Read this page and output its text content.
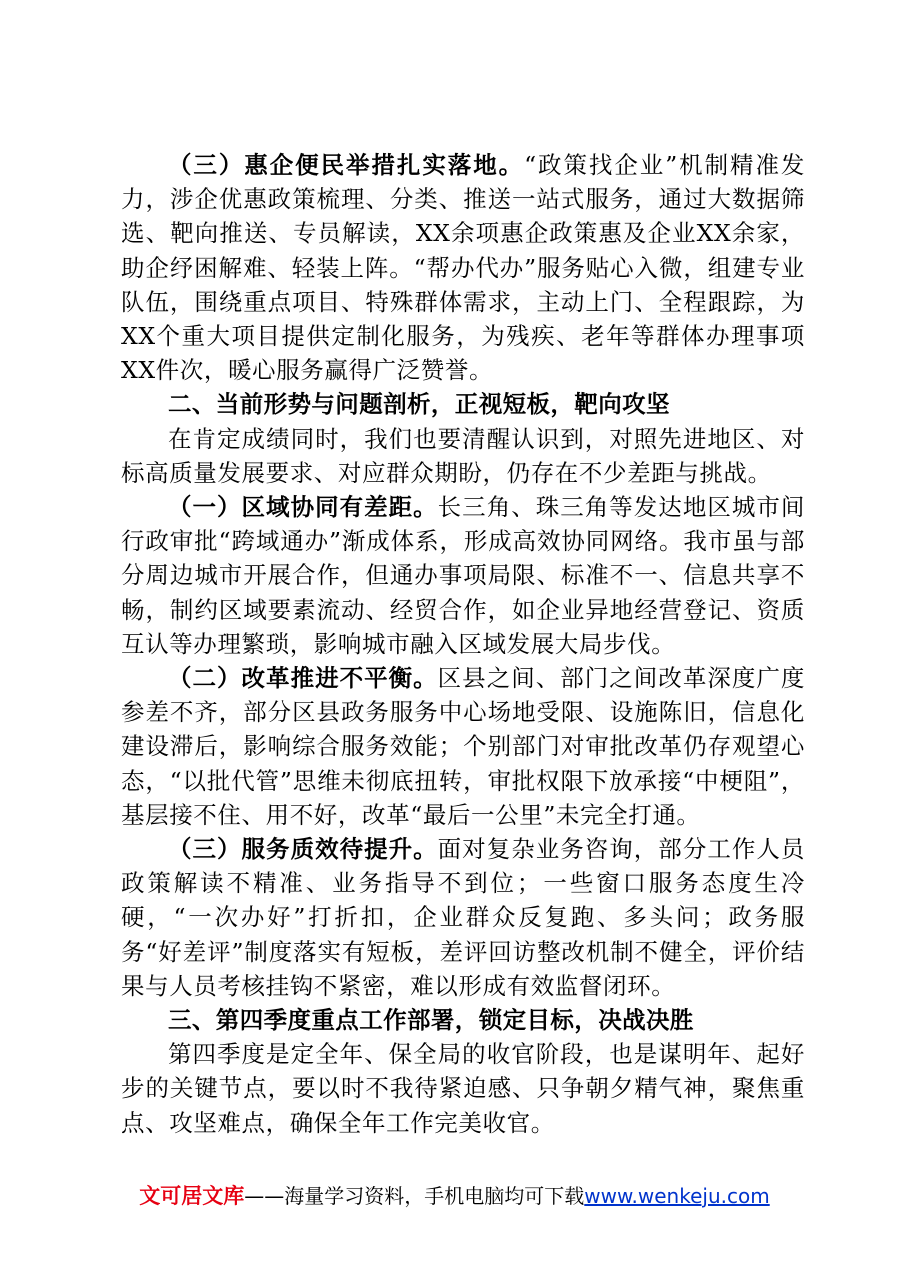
（三）惠企便民举措扎实落地。“政策找企业”机制精准发力，涉企优惠政策梳理、分类、推送一站式服务，通过大数据筛选、靶向推送、专员解读，XX余项惠企政策惠及企业XX余家，助企纾困解难、轻装上阵。“帮办代办”服务贴心入微，组建专业队伍，围绕重点项目、特殊群体需求，主动上门、全程跟踪，为XX个重大项目提供定制化服务，为残疾、老年等群体办理事项XX件次，暖心服务赢得广泛赞誉。

二、当前形势与问题剖析，正视短板，靶向攻坚

在肯定成绩同时，我们也要清醒认识到，对照先进地区、对标高质量发展要求、对应群众期盼，仍存在不少差距与挑战。

（一）区域协同有差距。长三角、珠三角等发达地区城市间行政审批“跨域通办”渐成体系，形成高效协同网络。我市虽与部分周边城市开展合作，但通办事项局限、标准不一、信息共享不畅，制约区域要素流动、经贸合作，如企业异地经营登记、资质互认等办理繁琐，影响城市融入区域发展大局步伐。

（二）改革推进不平衡。区县之间、部门之间改革深度广度参差不齐，部分区县政务服务中心场地受限、设施陈旧，信息化建设滞后，影响综合服务效能；个别部门对审批改革仍存观望心态，“以批代管”思维未彻底扭转，审批权限下放承接“中梗阻”，基层接不住、用不好，改革“最后一公里”未完全打通。

（三）服务质效待提升。面对复杂业务咨询，部分工作人员政策解读不精准、业务指导不到位；一些窗口服务态度生冷硬，“一次办好”打折扣，企业群众反复跑、多头问；政务服务“好差评”制度落实有短板，差评回访整改机制不健全，评价结果与人员考核挂钩不紧密，难以形成有效监督闭环。

三、第四季度重点工作部署，锁定目标，决战决胜

第四季度是定全年、保全局的收官阶段，也是谋明年、起好步的关键节点，要以时不我待紧迫感、只争朝夕精气神，聚焦重点、攻坚难点，确保全年工作完美收官。

文可居文库——海量学习资料，手机电脑均可下载www.wenkeju.com
